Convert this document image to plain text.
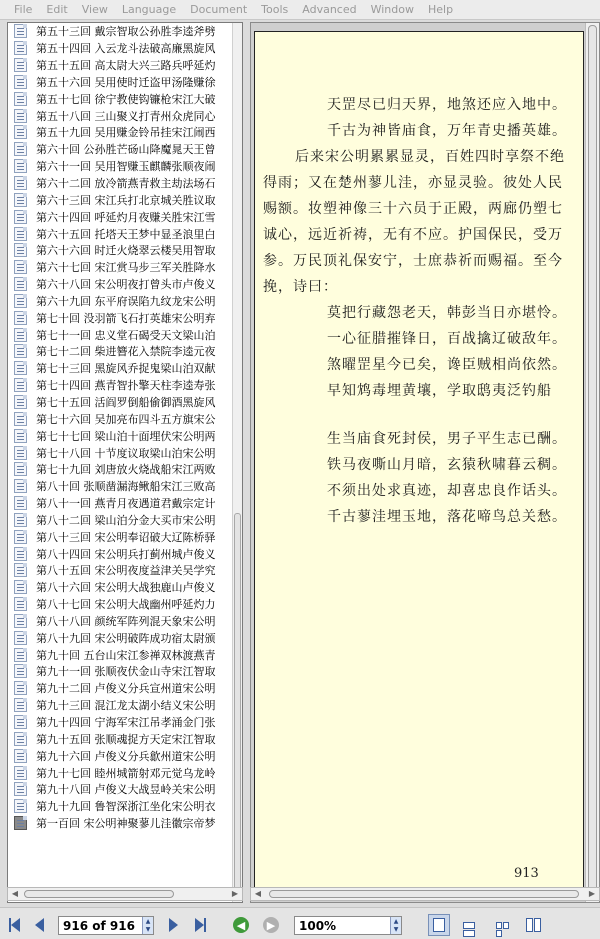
File Edit View Language Document Tools Advanced Window Help
第五十三回 戴宗智取公孙胜李逵斧劈
第五十四回 入云龙斗法破高廉黑旋风
第五十五回 高太尉大兴三路兵呼延灼
第五十六回 吴用使时迁盗甲汤隆赚徐
第五十七回 徐宁教使钩镰枪宋江大破
第五十八回 三山聚义打青州众虎同心
第五十九回 吴用赚金铃吊挂宋江闹西
第六十回 公孙胜芒砀山降魔晁天王曾
第六十一回 吴用智赚玉麒麟张顺夜闹
第六十二回 放冷箭燕青救主劫法场石
第六十三回 宋江兵打北京城关胜议取
第六十四回 呼延灼月夜赚关胜宋江雪
第六十五回 托塔天王梦中显圣浪里白
第六十六回 时迁火烧翠云楼吴用智取
第六十七回 宋江赏马步三军关胜降水
第六十八回 宋公明夜打曾头市卢俊义
第六十九回 东平府误陷九纹龙宋公明
第七十回 没羽箭飞石打英雄宋公明弃
第七十一回 忠义堂石碣受天文梁山泊
第七十二回 柴进簪花入禁院李逵元夜
第七十三回 黑旋风乔捉鬼梁山泊双献
第七十四回 燕青智扑擎天柱李逵寿张
第七十五回 活阎罗倒船偷御酒黑旋风
第七十六回 吴加亮布四斗五方旗宋公
第七十七回 梁山泊十面埋伏宋公明两
第七十八回 十节度议取梁山泊宋公明
第七十九回 刘唐放火烧战船宋江两败
第八十回 张顺凿漏海鳅船宋江三败高
第八十一回 燕青月夜遇道君戴宗定计
第八十二回 梁山泊分金大买市宋公明
第八十三回 宋公明奉诏破大辽陈桥驿
第八十四回 宋公明兵打蓟州城卢俊义
第八十五回 宋公明夜度益津关吴学究
第八十六回 宋公明大战独鹿山卢俊义
第八十七回 宋公明大战幽州呼延灼力
第八十八回 颜统军阵列混天象宋公明
第八十九回 宋公明破阵成功宿太尉颁
第九十回 五台山宋江参禅双林渡燕青
第九十一回 张顺夜伏金山寺宋江智取
第九十二回 卢俊义分兵宣州道宋公明
第九十三回 混江龙太湖小结义宋公明
第九十四回 宁海军宋江吊孝涌金门张
第九十五回 张顺魂捉方天定宋江智取
第九十六回 卢俊义分兵歙州道宋公明
第九十七回 睦州城箭射邓元觉乌龙岭
第九十八回 卢俊义大战昱岭关宋公明
第九十九回 鲁智深浙江坐化宋公明衣
第一百回 宋公明神聚蓼儿洼徽宗帝梦
◀	▶
天罡尽已归天界，地煞还应入地中。
千古为神皆庙食，万年青史播英雄。
后来宋公明累累显灵，百姓四时享祭不绝
得雨；又在楚州蓼儿洼，亦显灵验。彼处人民
赐额。妆塑神像三十六员于正殿，两廊仍塑七
诚心，远近祈祷，无有不应。护国保民，受万
参。万民顶礼保安宁，士庶恭祈而赐福。至今
挽，诗曰：
莫把行藏怨老天，韩彭当日亦堪怜。
一心征腊摧锋日，百战擒辽破敌年。
煞曜罡星今已矣，谗臣贼相尚依然。
早知鸩毒埋黄壤，学取鸱夷泛钓船
生当庙食死封侯，男子平生志已酬。
铁马夜嘶山月暗，玄猿秋啸暮云稠。
不须出处求真迹，却喜忠良作话头。
千古蓼洼埋玉地，落花啼鸟总关愁。
913
◀	▶
916 of 916	▲
▼	◀	▶	100%	▲
▼
